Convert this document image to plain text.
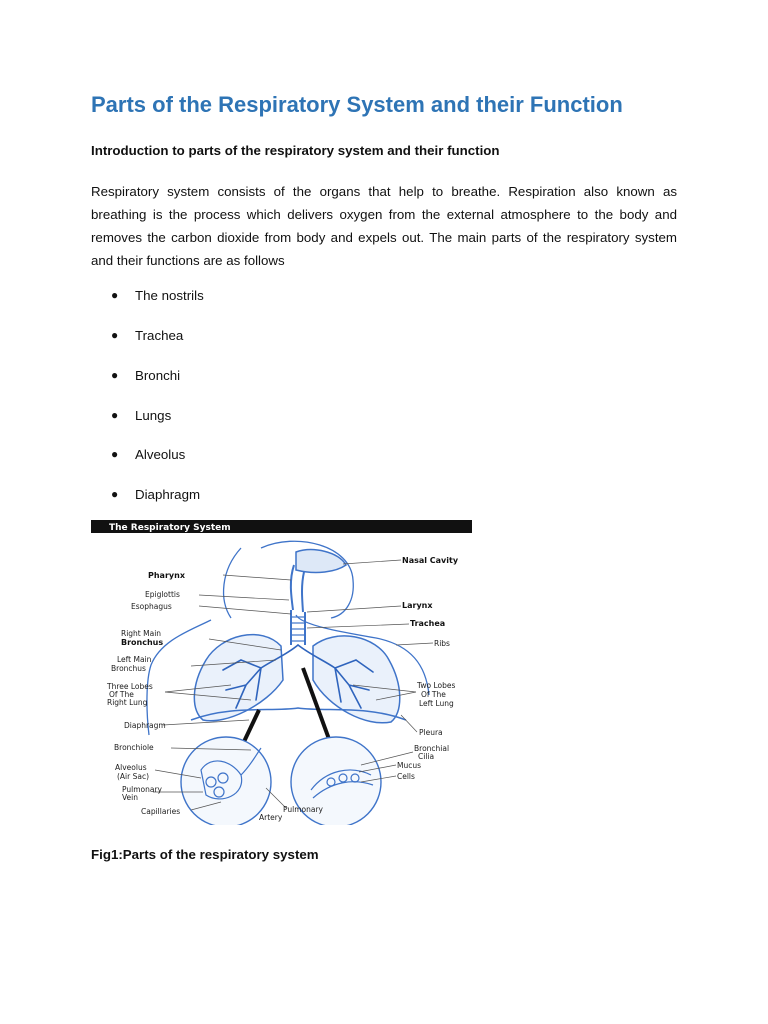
Parts of the Respiratory System and their Function
Introduction to parts of the respiratory system and their function

Respiratory system consists of the organs that help to breathe. Respiration also known as breathing is the process which delivers oxygen from the external atmosphere to the body and removes the carbon dioxide from body and expels out. The main parts of the respiratory system and their functions are as follows

● The nostrils
● Trachea
● Bronchi
● Lungs
● Alveolus
● Diaphragm
The Respiratory System
Nasal Cavity
Pharynx
Epiglottis
Esophagus	Larynx
Trachea
Right Main
Bronchus	Ribs
Left Main
Bronchus
Three Lobes
Of The
Right Lung
Two Lobes
Of The
Left Lung
Diaphragm
Pleura
Bronchiole	Bronchial
Cilia
Alveolus
(Air Sac)
Mucus
Cells
Pulmonary
Vein
Capillaries	Pulmonary
Artery

Fig1:Parts of the respiratory system
